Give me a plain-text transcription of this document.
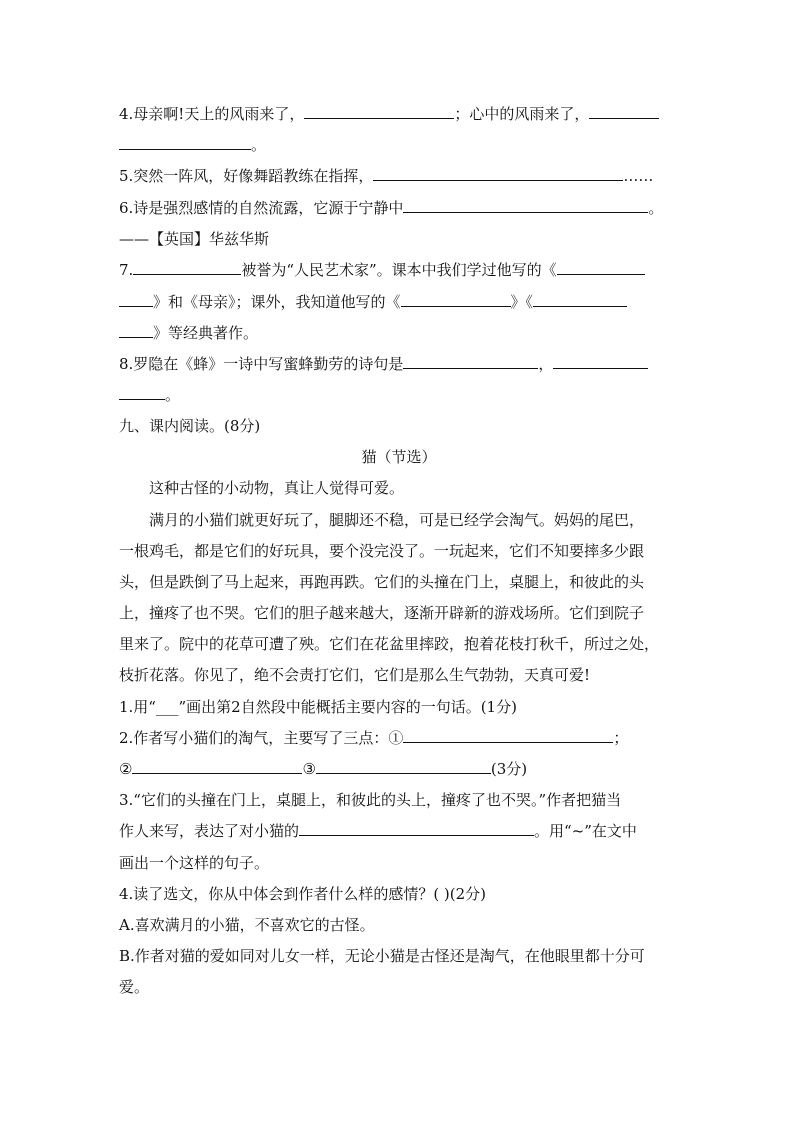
4.母亲啊!天上的风雨来了，	；心中的风雨来了，
。
5.突然一阵风，好像舞蹈教练在指挥，	……
6.诗是强烈感情的自然流露，它源于宁静中	。
——【英国】华兹华斯
7.	被誉为“人民艺术家”。课本中我们学过他写的《
》和《母亲》；课外，我知道他写的《	》《
》等经典著作。
8.罗隐在《蜂》一诗中写蜜蜂勤劳的诗句是	，
。
九、课内阅读。(8分)
猫（节选）
这种古怪的小动物，真让人觉得可爱。
满月的小猫们就更好玩了，腿脚还不稳，可是已经学会淘气。妈妈的尾巴，
一根鸡毛，都是它们的好玩具，要个没完没了。一玩起来，它们不知要摔多少跟
头，但是跌倒了马上起来，再跑再跌。它们的头撞在门上，桌腿上，和彼此的头
上，撞疼了也不哭。它们的胆子越来越大，逐渐开辟新的游戏场所。它们到院子
里来了。院中的花草可遭了殃。它们在花盆里摔跤，抱着花枝打秋千，所过之处，
枝折花落。你见了，绝不会责打它们，它们是那么生气勃勃，天真可爱!
1.用“___”画出第2自然段中能概括主要内容的一句话。(1分)
2.作者写小猫们的淘气，主要写了三点：①	；
②	③	(3分)
3.“它们的头撞在门上，桌腿上，和彼此的头上，撞疼了也不哭。”作者把猫当
作人来写，表达了对小猫的	。用“~”在文中
画出一个这样的句子。
4.读了选文，你从中体会到作者什么样的感情？( )(2分)
A.喜欢满月的小猫，不喜欢它的古怪。
B.作者对猫的爱如同对儿女一样，无论小猫是古怪还是淘气，在他眼里都十分可
爱。
